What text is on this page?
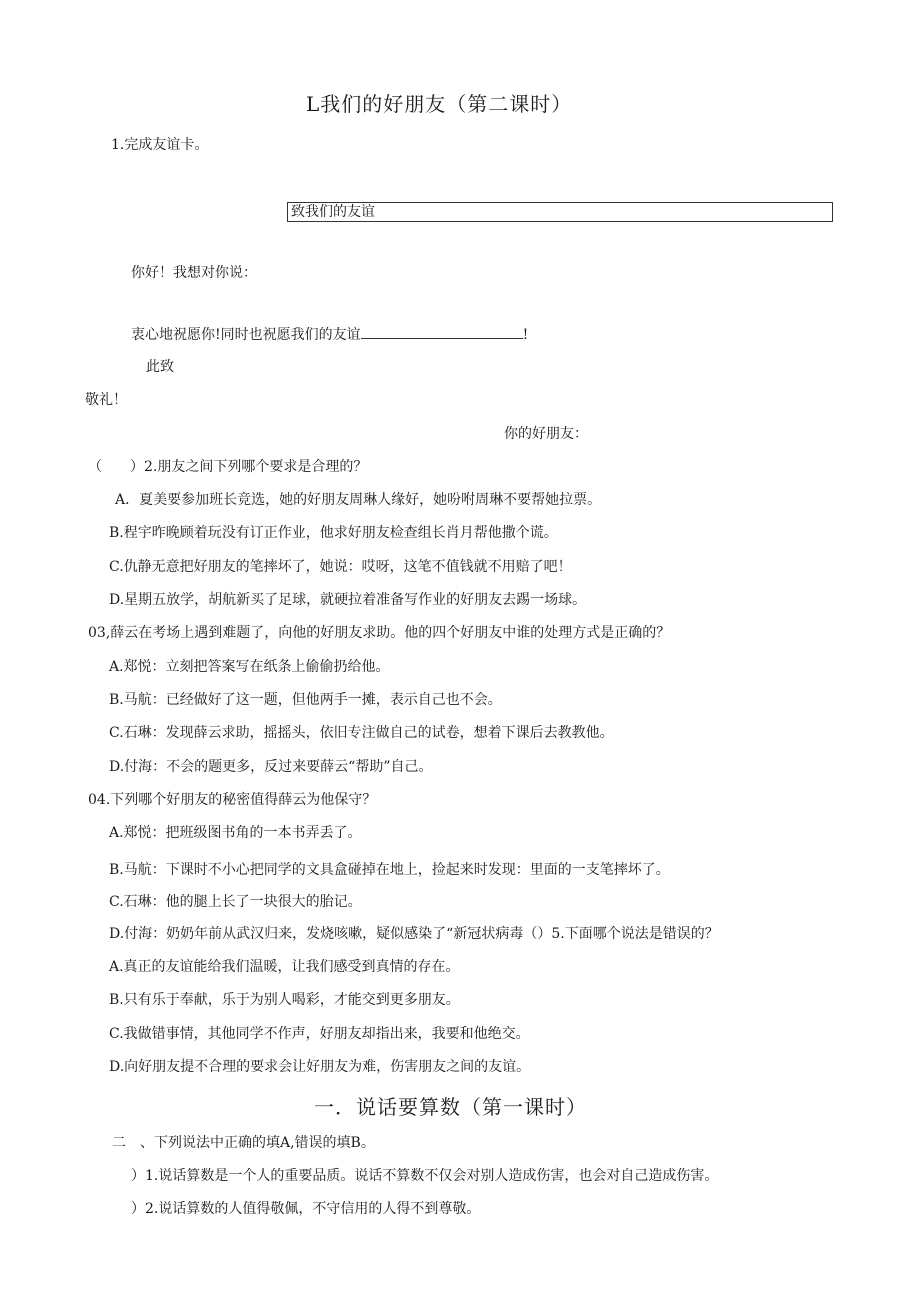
L我们的好朋友（第二课时）
1.完成友谊卡。
致我们的友谊
你好！我想对你说：
衷心地祝愿你!同时也祝愿我们的友谊	!
此致
敬礼！
你的好朋友：
（　　）2.朋友之间下列哪个要求是合理的？
A．夏美要参加班长竞选，她的好朋友周琳人缘好，她吩咐周琳不要帮她拉票。
B.程宇昨晚顾着玩没有订正作业，他求好朋友检查组长肖月帮他撒个谎。
C.仇静无意把好朋友的笔摔坏了，她说：哎呀，这笔不值钱就不用赔了吧！
D.星期五放学，胡航新买了足球，就硬拉着准备写作业的好朋友去踢一场球。
03,薛云在考场上遇到难题了，向他的好朋友求助。他的四个好朋友中谁的处理方式是正确的？
A.郑悦：立刻把答案写在纸条上偷偷扔给他。
B.马航：已经做好了这一题，但他两手一摊，表示自己也不会。
C.石琳：发现薛云求助，摇摇头，依旧专注做自己的试卷，想着下课后去教教他。
D.付海：不会的题更多，反过来要薛云“帮助”自己。
04.下列哪个好朋友的秘密值得薛云为他保守？
A.郑悦：把班级图书角的一本书弄丢了。
B.马航：下课时不小心把同学的文具盒碰掉在地上，捡起来时发现：里面的一支笔摔坏了。
C.石琳：他的腿上长了一块很大的胎记。
D.付海：奶奶年前从武汉归来，发烧咳嗽，疑似感染了“新冠状病毒（）5.下面哪个说法是错误的？
A.真正的友谊能给我们温暖，让我们感受到真情的存在。
B.只有乐于奉献，乐于为别人喝彩，才能交到更多朋友。
C.我做错事情，其他同学不作声，好朋友却指出来，我要和他绝交。
D.向好朋友提不合理的要求会让好朋友为难，伤害朋友之间的友谊。
一．说话要算数（第一课时）
二　、下列说法中正确的填A,错误的填B。
）1.说话算数是一个人的重要品质。说话不算数不仅会对别人造成伤害，也会对自己造成伤害。
）2.说话算数的人值得敬佩，不守信用的人得不到尊敬。
